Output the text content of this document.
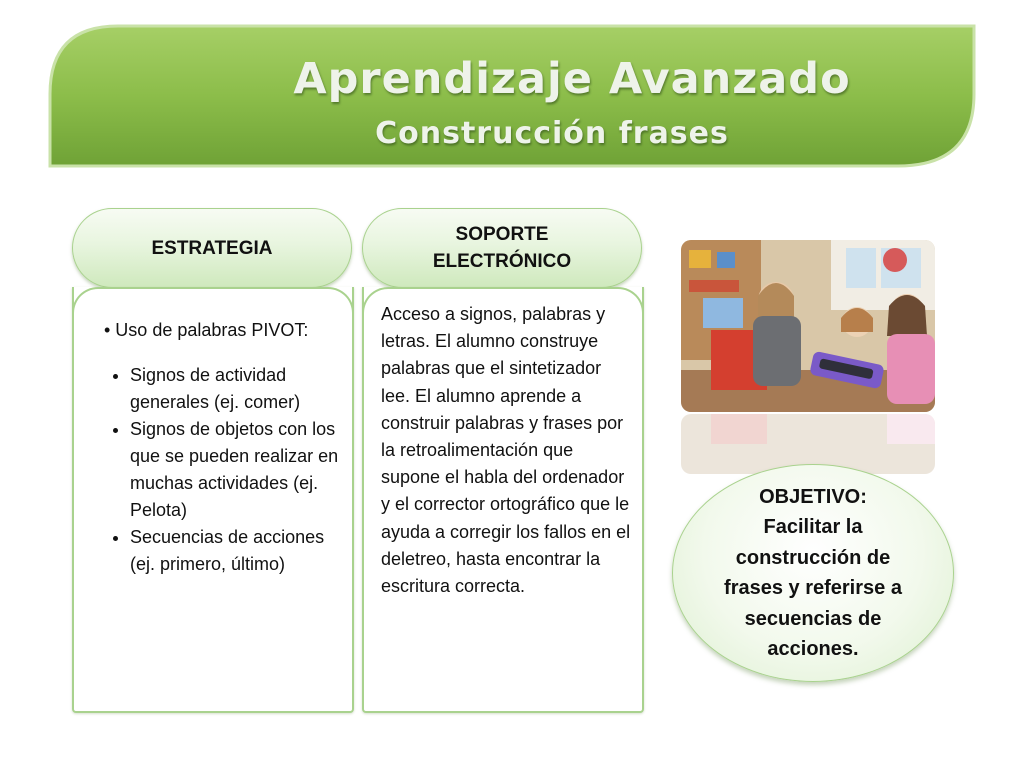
Aprendizaje Avanzado
Construcción frases
ESTRATEGIA
• Uso de palabras PIVOT:
• Signos de actividad generales (ej. comer)
• Signos de objetos con los que se pueden realizar en muchas actividades (ej. Pelota)
• Secuencias de acciones (ej. primero, último)
SOPORTE
ELECTRÓNICO

Acceso a signos, palabras y letras. El alumno construye palabras que el sintetizador lee. El alumno aprende a construir palabras y frases por la retroalimentación que supone el habla del ordenador y el corrector ortográfico que le ayuda a corregir los fallos en el deletreo, hasta encontrar la escritura correcta.

OBJETIVO:
Facilitar la construcción de frases y referirse a secuencias de acciones.
